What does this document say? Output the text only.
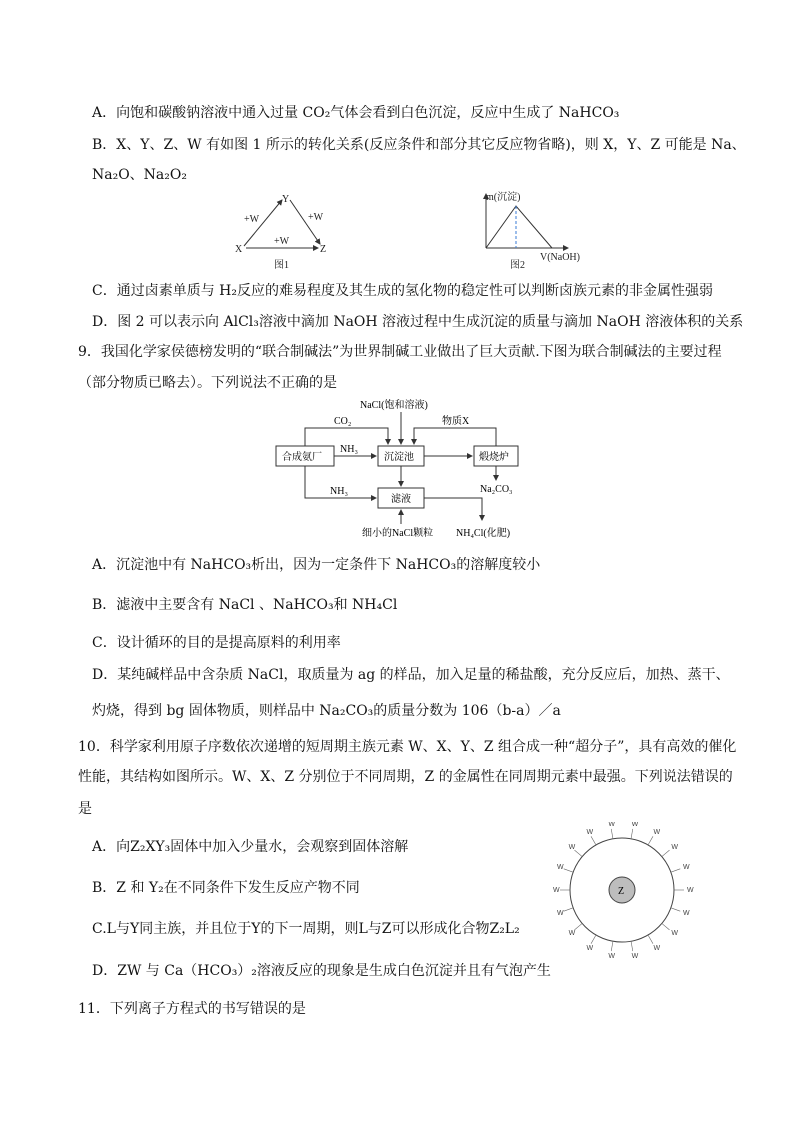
A．向饱和碳酸钠溶液中通入过量 CO₂气体会看到白色沉淀，反应中生成了 NaHCO₃
B．X、Y、Z、W 有如图 1 所示的转化关系(反应条件和部分其它反应物省略)，则 X，Y、Z 可能是 Na、
Na₂O、Na₂O₂
Y
X	Z
+W	+W
+W
图1
m(沉淀)
V(NaOH)
图2
C．通过卤素单质与 H₂反应的难易程度及其生成的氢化物的稳定性可以判断卤族元素的非金属性强弱
D．图 2 可以表示向 AlCl₃溶液中滴加 NaOH 溶液过程中生成沉淀的质量与滴加 NaOH 溶液体积的关系
9．我国化学家侯德榜发明的“联合制碱法”为世界制碱工业做出了巨大贡献.下图为联合制碱法的主要过程
（部分物质已略去）。下列说法不正确的是
合成氨厂	沉淀池	煅烧炉
滤液
NaCl(饱和溶液)
CO₂	物质X
NH₃
Na₂CO₃
NH₃
细小的NaCl颗粒 NH₄Cl(化肥)
A．沉淀池中有 NaHCO₃析出，因为一定条件下 NaHCO₃的溶解度较小
B．滤液中主要含有 NaCl 、NaHCO₃和 NH₄Cl
C．设计循环的目的是提高原料的利用率
D．某纯碱样品中含杂质 NaCl，取质量为 ag 的样品，加入足量的稀盐酸，充分反应后，加热、蒸干、
灼烧，得到 bg 固体物质，则样品中 Na₂CO₃的质量分数为 106（b-a）／a
10．科学家利用原子序数依次递增的短周期主族元素 W、X、Y、Z 组合成一种“超分子”，具有高效的催化
性能，其结构如图所示。W、X、Z 分别位于不同周期，Z 的金属性在同周期元素中最强。下列说法错误的
是
A．向Z₂XY₃固体中加入少量水，会观察到固体溶解
B．Z 和 Y₂在不同条件下发生反应产物不同
C.L与Y同主族，并且位于Y的下一周期，则L与Z可以形成化合物Z₂L₂
D．ZW 与 Ca（HCO₃）₂溶液反应的现象是生成白色沉淀并且有气泡产生
Z	W
W
W
W
W
W
W
W
W
W
W
W
W
W W
W
W
W
11．下列离子方程式的书写错误的是
